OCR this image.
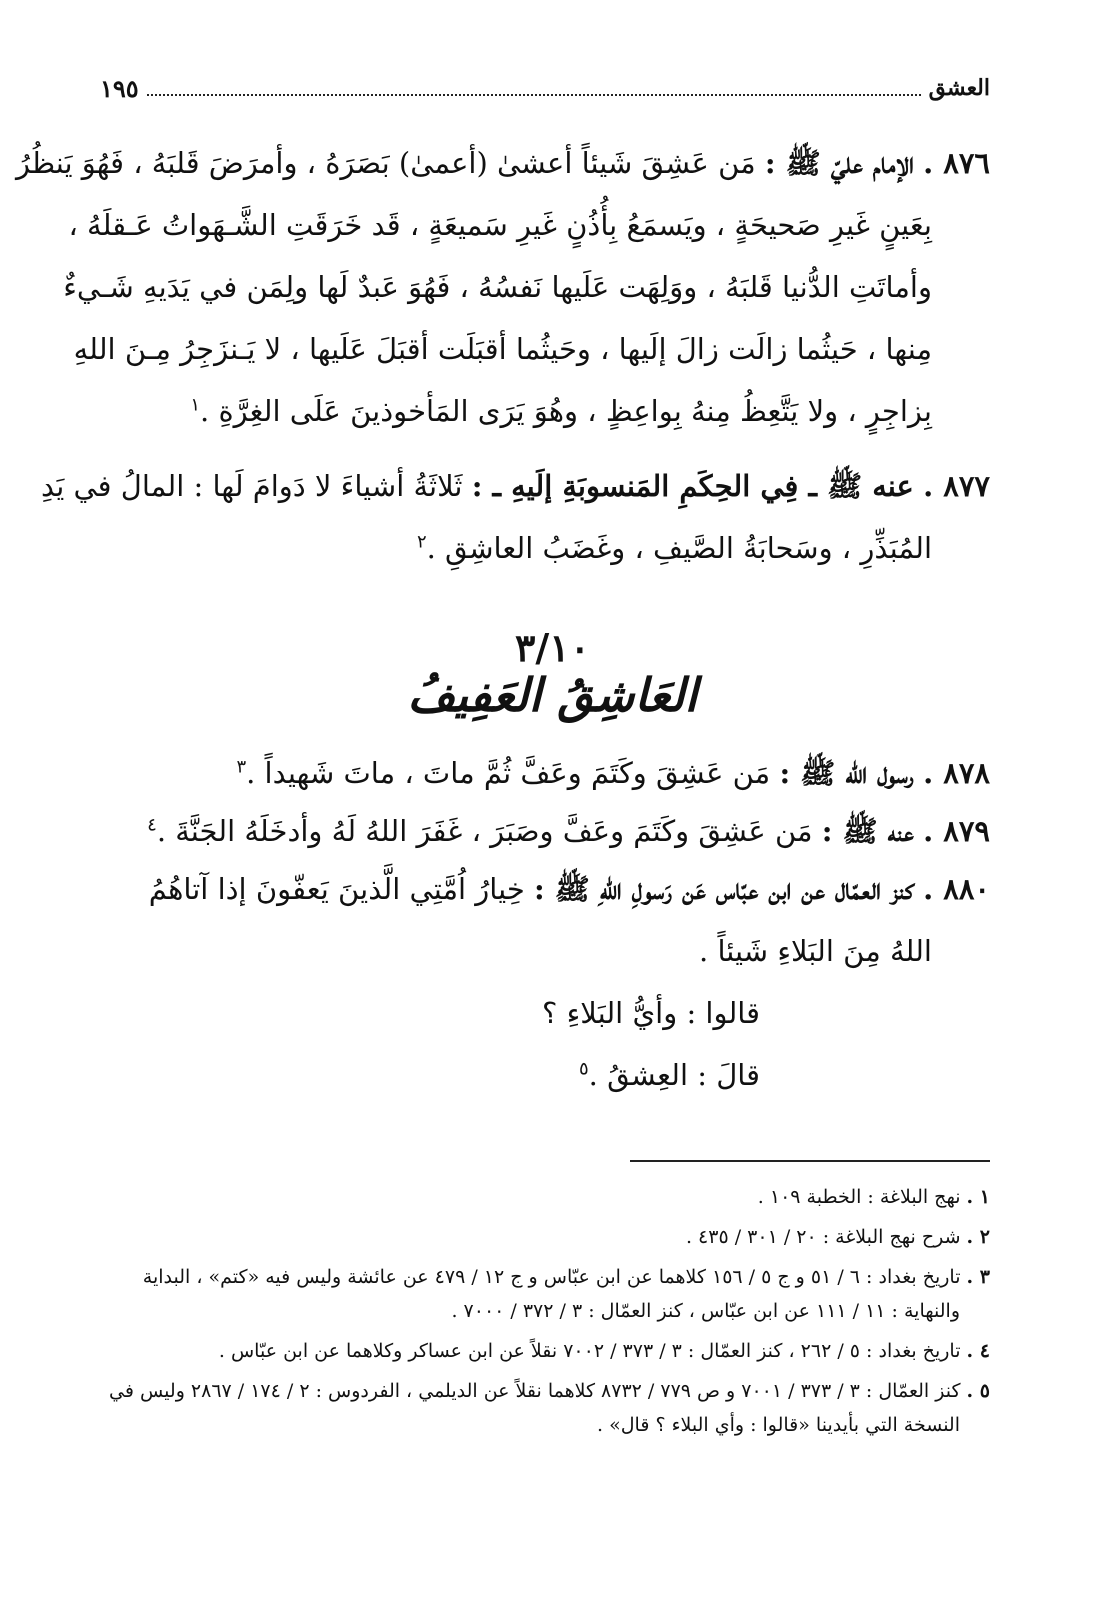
العشق
١٩٥
٨٧٦ . الإمام عليّ ﷺ : مَن عَشِقَ شَيئاً أعشىٰ (أعمىٰ) بَصَرَهُ ، وأمرَضَ قَلبَهُ ، فَهُوَ يَنظُرُ
بِعَينٍ غَيرِ صَحيحَةٍ ، ويَسمَعُ بِأُذُنٍ غَيرِ سَميعَةٍ ، قَد خَرَقَتِ الشَّـهَواتُ عَـقلَهُ ،
وأماتَتِ الدُّنيا قَلبَهُ ، ووَلِهَت عَلَيها نَفسُهُ ، فَهُوَ عَبدٌ لَها ولِمَن في يَدَيهِ شَـيءٌ
مِنها ، حَيثُما زالَت زالَ إلَيها ، وحَيثُما أقبَلَت أقبَلَ عَلَيها ، لا يَـنزَجِرُ مِـنَ اللهِ
بِزاجِرٍ ، ولا يَتَّعِظُ مِنهُ بِواعِظٍ ، وهُوَ يَرَى المَأخوذينَ عَلَى الغِرَّةِ .$^١$
٨٧٧ . عنه ﷺ ـ فِي الحِكَمِ المَنسوبَةِ إلَيهِ ـ : ثَلاثَةُ أشياءَ لا دَوامَ لَها : المالُ في يَدِ
المُبَذِّرِ ، وسَحابَةُ الصَّيفِ ، وغَضَبُ العاشِقِ .$^٢$
٣/١٠
العَاشِقُ العَفِيفُ
٨٧٨ . رسول الله ﷺ : مَن عَشِقَ وكَتَمَ وعَفَّ ثُمَّ ماتَ ، ماتَ شَهيداً .$^٣$
٨٧٩ . عنه ﷺ : مَن عَشِقَ وكَتَمَ وعَفَّ وصَبَرَ ، غَفَرَ اللهُ لَهُ وأدخَلَهُ الجَنَّةَ .$^٤$
٨٨٠ . كنز العمّال عن ابن عبّاس عَن رَسولِ اللهِ ﷺ : خِيارُ اُمَّتِي الَّذينَ يَعفّونَ إذا آتاهُمُ
اللهُ مِنَ البَلاءِ شَيئاً .
قالوا : وأيُّ البَلاءِ ؟
قالَ : العِشقُ .$^٥$
١ . نهج البلاغة : الخطبة ١٠٩ .
٢ . شرح نهج البلاغة : ٢٠ / ٣٠١ / ٤٣٥ .
٣ . تاريخ بغداد : ٦ / ٥١ و ج ٥ / ١٥٦ كلاهما عن ابن عبّاس و ج ١٢ / ٤٧٩ عن عائشة وليس فيه «كتم» ، البداية
والنهاية : ١١ / ١١١ عن ابن عبّاس ، كنز العمّال : ٣ / ٣٧٢ / ٧٠٠٠ .
٤ . تاريخ بغداد : ٥ / ٢٦٢ ، كنز العمّال : ٣ / ٣٧٣ / ٧٠٠٢ نقلاً عن ابن عساكر وكلاهما عن ابن عبّاس .
٥ . كنز العمّال : ٣ / ٣٧٣ / ٧٠٠١ و ص ٧٧٩ / ٨٧٣٢ كلاهما نقلاً عن الديلمي ، الفردوس : ٢ / ١٧٤ / ٢٨٦٧ وليس في
النسخة التي بأيدينا «قالوا : وأي البلاء ؟ قال» .
